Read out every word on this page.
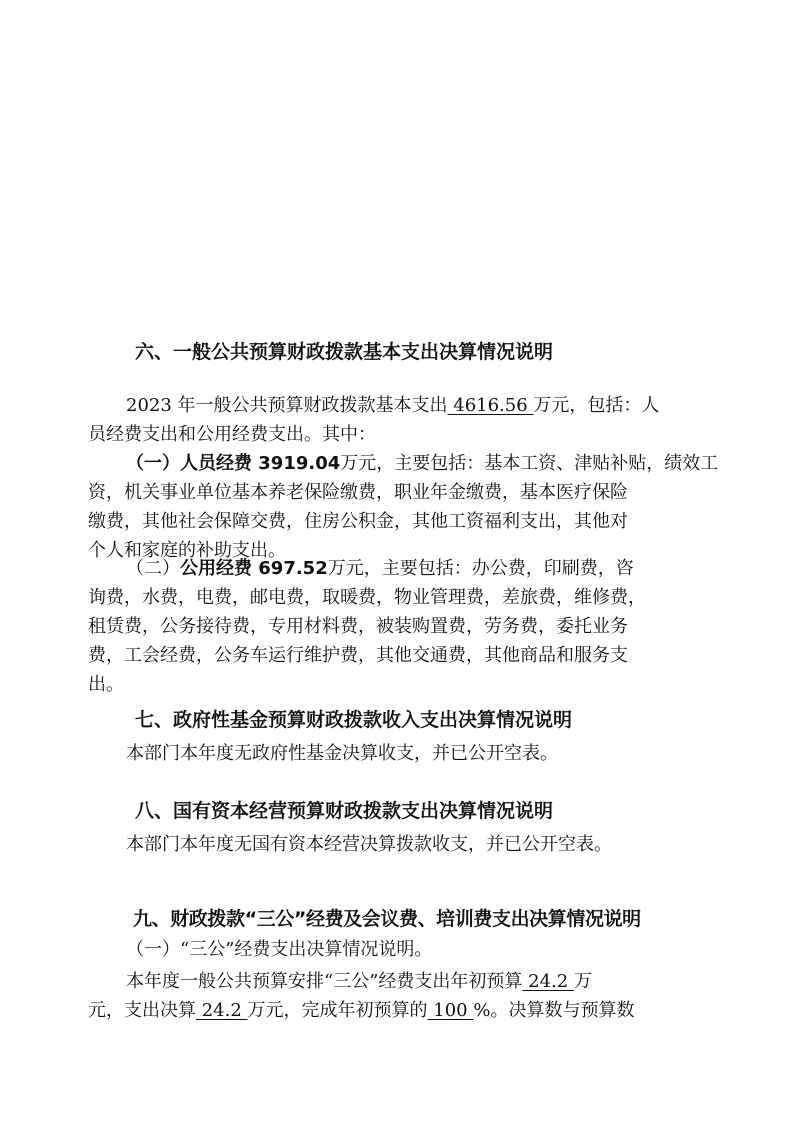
六、一般公共预算财政拨款基本支出决算情况说明
2023 年一般公共预算财政拨款基本支出 4616.56 万元，包括：人
员经费支出和公用经费支出。其中：
（一）人员经费 3919.04万元，主要包括：基本工资、津贴补贴，绩效工
资，机关事业单位基本养老保险缴费，职业年金缴费，基本医疗保险
缴费，其他社会保障交费，住房公积金，其他工资福利支出，其他对
个人和家庭的补助支出。
（二）公用经费 697.52万元，主要包括：办公费，印刷费，咨
询费，水费，电费，邮电费，取暖费，物业管理费，差旅费，维修费，
租赁费，公务接待费，专用材料费，被装购置费，劳务费，委托业务
费，工会经费，公务车运行维护费，其他交通费，其他商品和服务支
出。
七、政府性基金预算财政拨款收入支出决算情况说明
本部门本年度无政府性基金决算收支，并已公开空表。
八、国有资本经营预算财政拨款支出决算情况说明
本部门本年度无国有资本经营决算拨款收支，并已公开空表。
九、财政拨款“三公”经费及会议费、培训费支出决算情况说明
（一）“三公”经费支出决算情况说明。
本年度一般公共预算安排“三公”经费支出年初预算 24.2 万
元，支出决算 24.2 万元，完成年初预算的 100 %。决算数与预算数
